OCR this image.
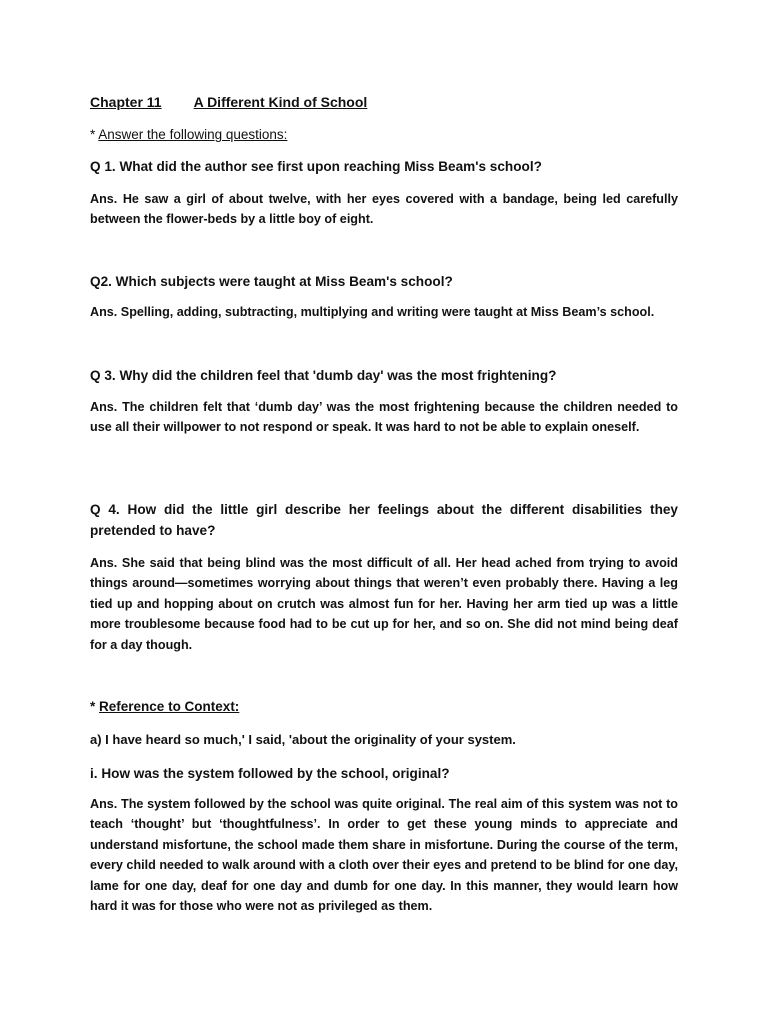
Chapter 11 A Different Kind of School

* Answer the following questions:

Q 1. What did the author see first upon reaching Miss Beam's school?

Ans. He saw a girl of about twelve, with her eyes covered with a bandage, being led carefully between the flower-beds by a little boy of eight.

Q2. Which subjects were taught at Miss Beam's school?

Ans. Spelling, adding, subtracting, multiplying and writing were taught at Miss Beam’s school.

Q 3. Why did the children feel that 'dumb day' was the most frightening?

Ans. The children felt that ‘dumb day’ was the most frightening because the children needed to use all their willpower to not respond or speak. It was hard to not be able to explain oneself.

Q 4. How did the little girl describe her feelings about the different disabilities they pretended to have?

Ans. She said that being blind was the most difficult of all. Her head ached from trying to avoid things around—sometimes worrying about things that weren’t even probably there. Having a leg tied up and hopping about on crutch was almost fun for her. Having her arm tied up was a little more troublesome because food had to be cut up for her, and so on. She did not mind being deaf for a day though.

* Reference to Context:

a) I have heard so much,' I said, 'about the originality of your system.

i. How was the system followed by the school, original?

Ans. The system followed by the school was quite original. The real aim of this system was not to teach ‘thought’ but ‘thoughtfulness’. In order to get these young minds to appreciate and understand misfortune, the school made them share in misfortune. During the course of the term, every child needed to walk around with a cloth over their eyes and pretend to be blind for one day, lame for one day, deaf for one day and dumb for one day. In this manner, they would learn how hard it was for those who were not as privileged as them.
